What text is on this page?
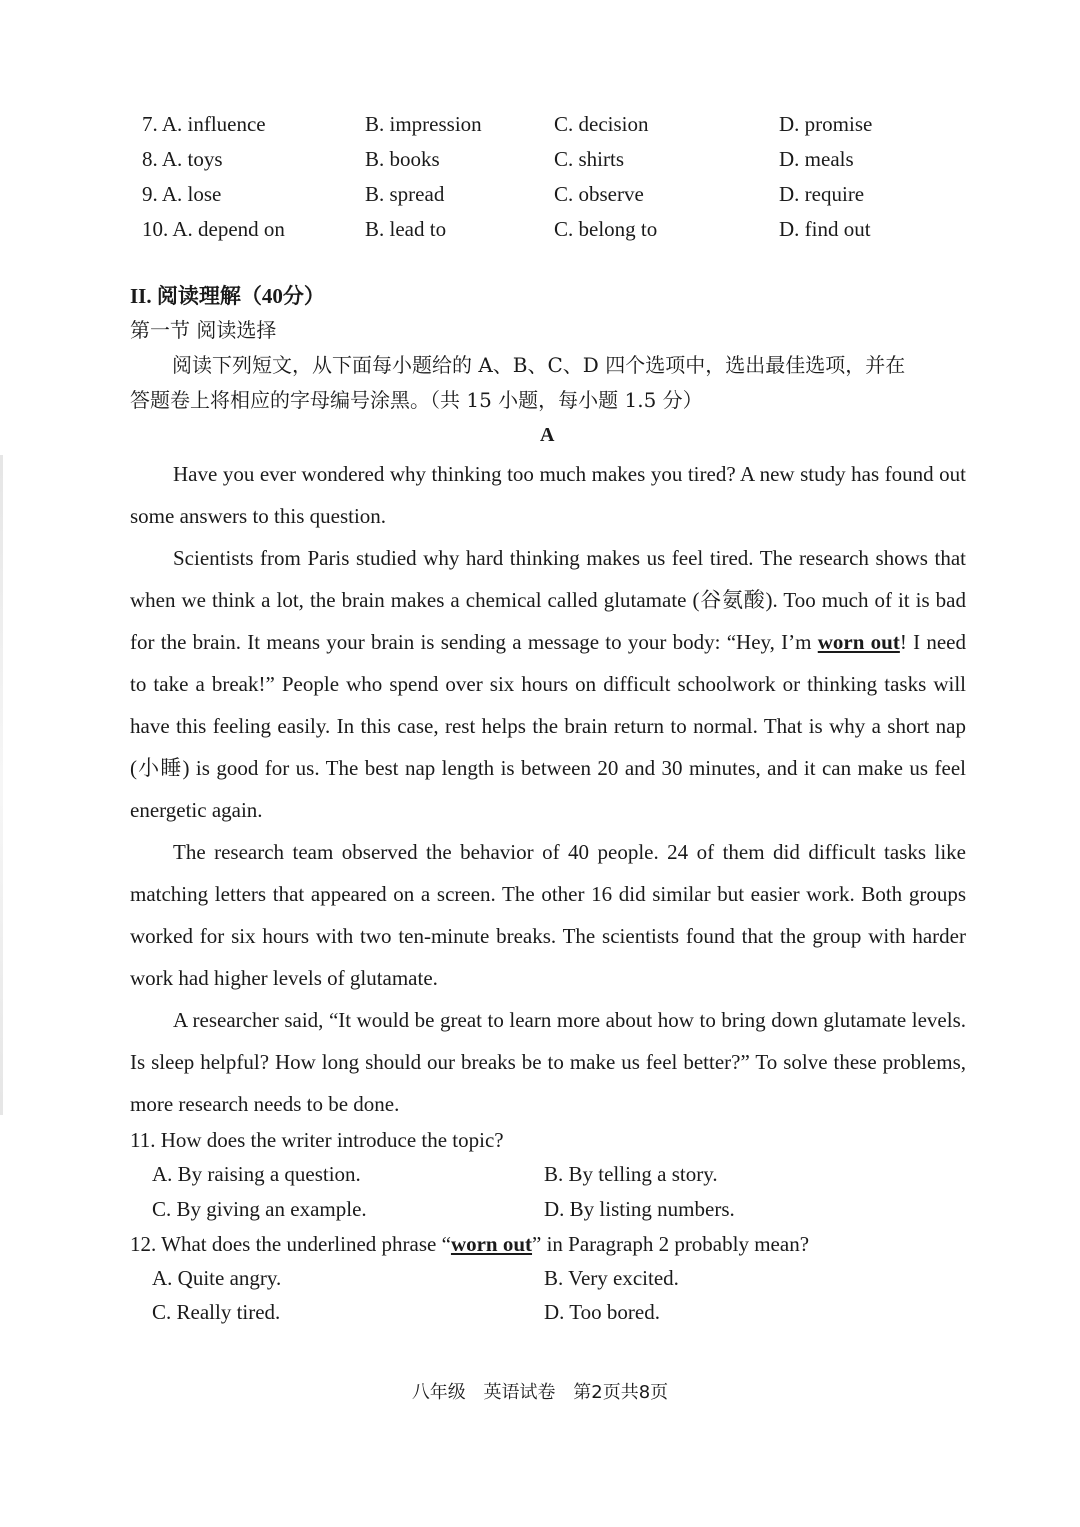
7. A. influence	B. impression	C. decision	D. promise
8. A. toys	B. books	C. shirts	D. meals
9. A. lose	B. spread	C. observe	D. require
10. A. depend on	B. lead to	C. belong to	D. find out
II. 阅读理解（40分）
第一节 阅读选择
阅读下列短文，从下面每小题给的 A、B、C、D 四个选项中，选出最佳选项，并在
答题卷上将相应的字母编号涂黑。（共 15 小题，每小题 1.5 分）
A

Have you ever wondered why thinking too much makes you tired? A new study has found out some answers to this question.

Scientists from Paris studied why hard thinking makes us feel tired. The research shows that when we think a lot, the brain makes a chemical called glutamate (谷氨酸). Too much of it is bad for the brain. It means your brain is sending a message to your body: “Hey, I’m worn out! I need to take a break!” People who spend over six hours on difficult schoolwork or thinking tasks will have this feeling easily. In this case, rest helps the brain return to normal. That is why a short nap (小睡) is good for us. The best nap length is between 20 and 30 minutes, and it can make us feel energetic again.

The research team observed the behavior of 40 people. 24 of them did difficult tasks like matching letters that appeared on a screen. The other 16 did similar but easier work. Both groups worked for six hours with two ten-minute breaks. The scientists found that the group with harder work had higher levels of glutamate.

A researcher said, “It would be great to learn more about how to bring down glutamate levels. Is sleep helpful? How long should our breaks be to make us feel better?” To solve these problems, more research needs to be done.

11. How does the writer introduce the topic?
A. By raising a question.	B. By telling a story.
C. By giving an example.	D. By listing numbers.
12. What does the underlined phrase “worn out” in Paragraph 2 probably mean?
A. Quite angry.	B. Very excited.
C. Really tired.	D. Too bored.
八年级 英语试卷 第2页共8页
